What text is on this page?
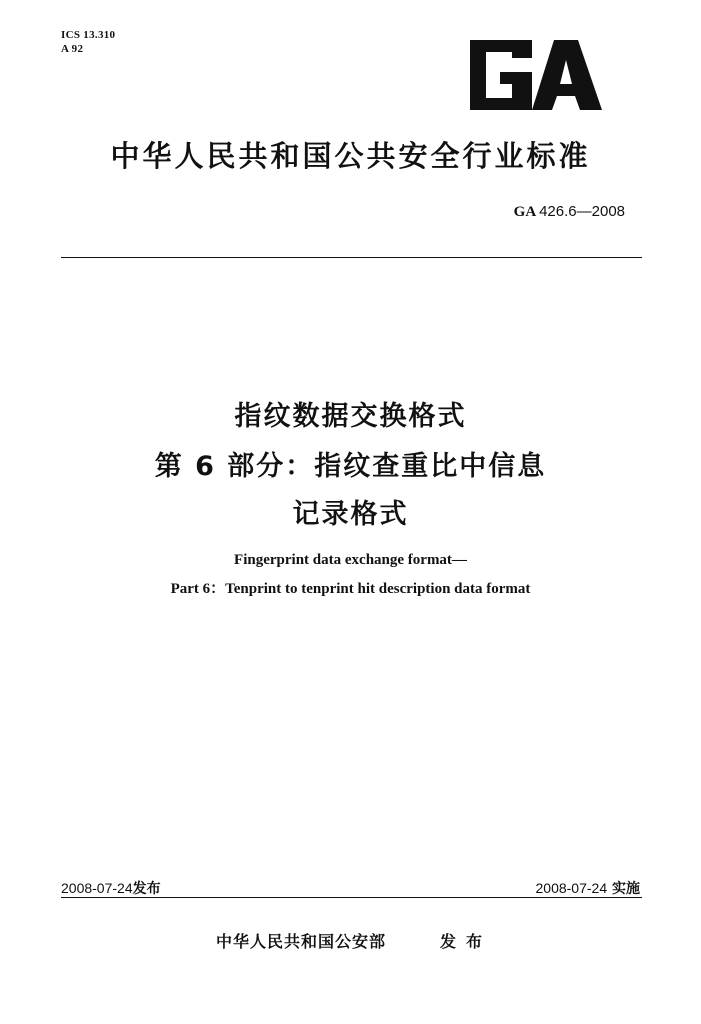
ICS 13.310
A 92
中华人民共和国公共安全行业标准
GA 426.6—2008
指纹数据交换格式
第 6 部分：指纹查重比中信息
记录格式
Fingerprint data exchange format—
Part 6：Tenprint to tenprint hit description data format
2008-07-24发布	2008-07-24 实施
中华人民共和国公安部	发布
